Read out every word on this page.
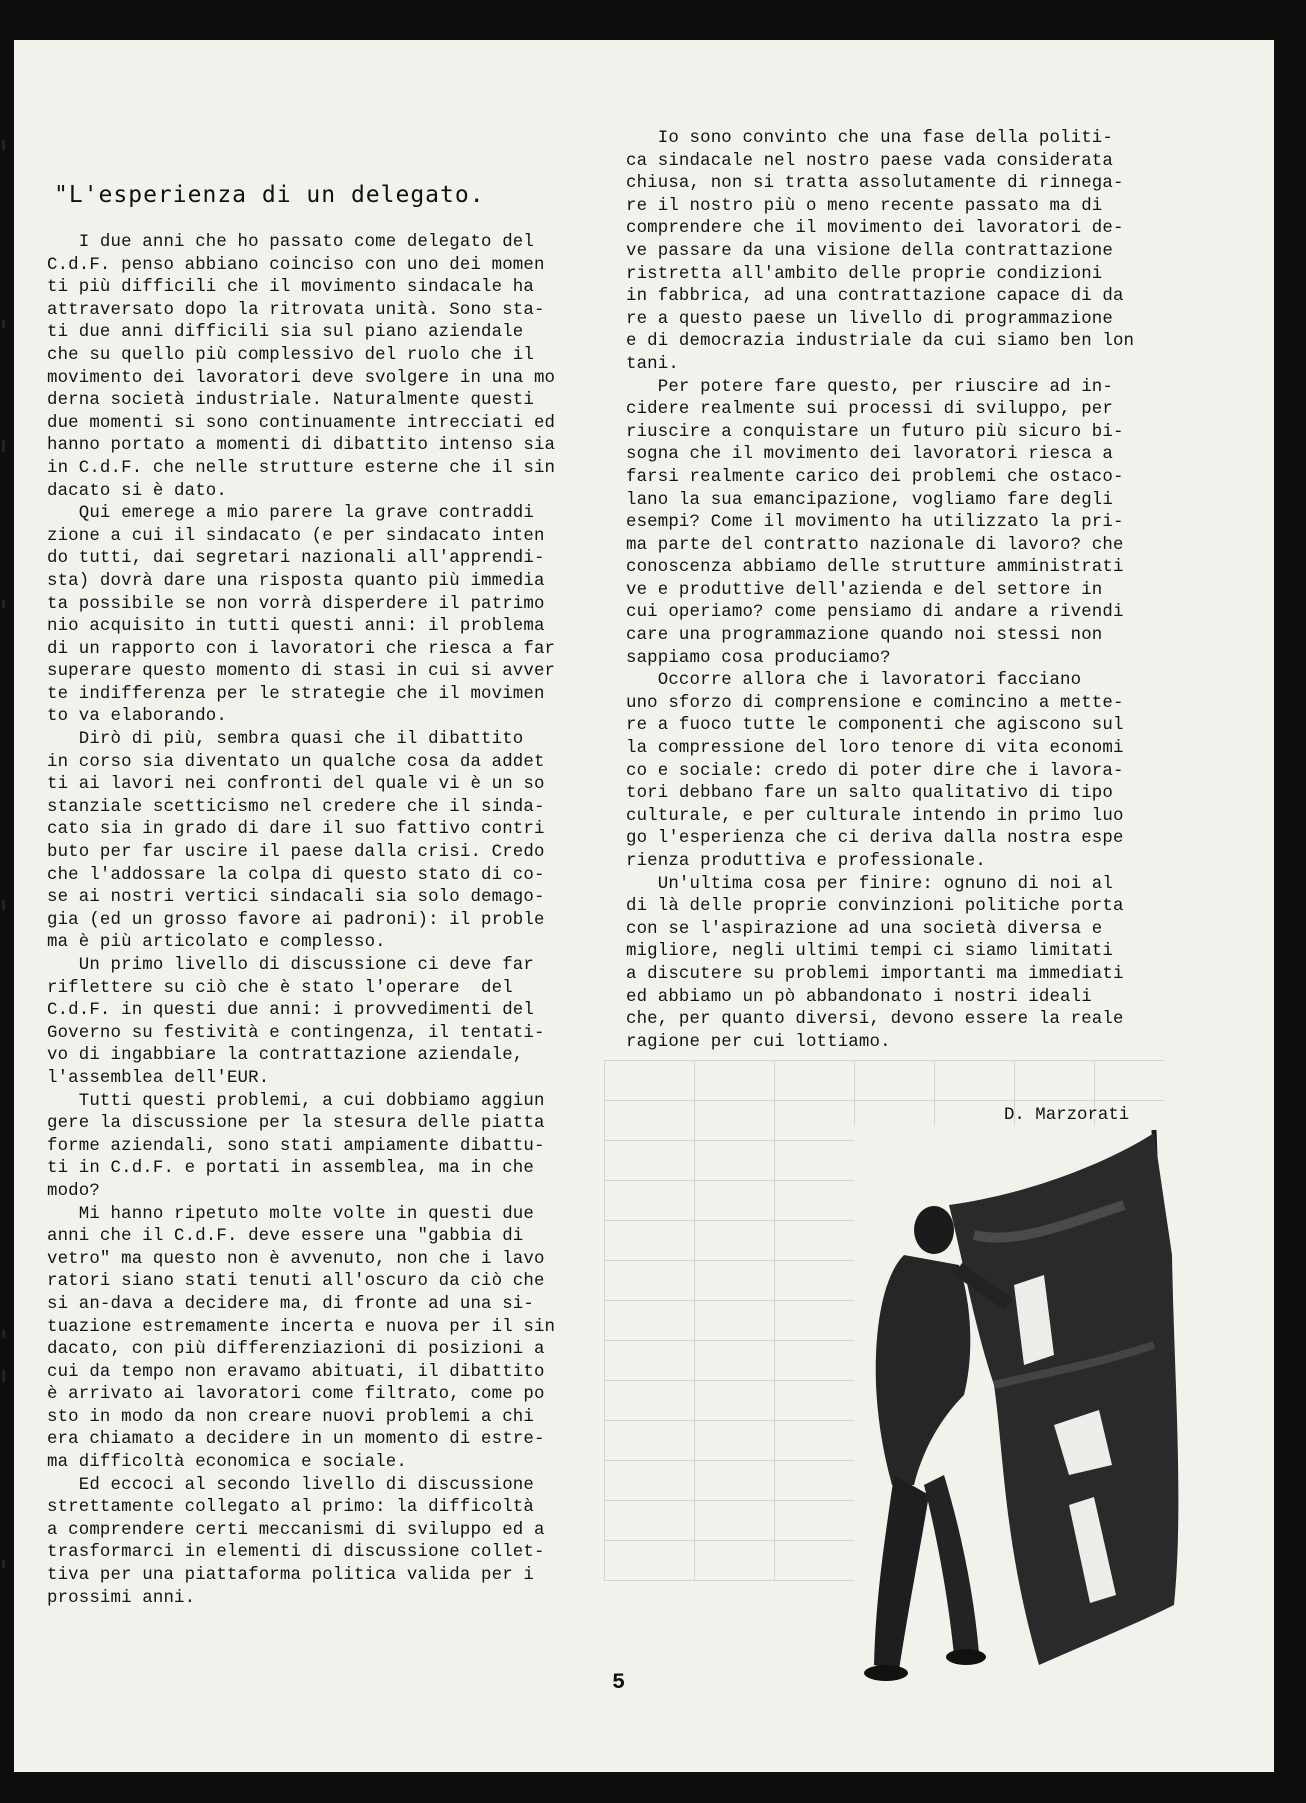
"L'esperienza di un delegato.

I due anni che ho passato come delegato del

C.d.F. penso abbiano coinciso con uno dei momen

ti più difficili che il movimento sindacale ha

attraversato dopo la ritrovata unità. Sono sta-

ti due anni difficili sia sul piano aziendale

che su quello più complessivo del ruolo che il

movimento dei lavoratori deve svolgere in una mo

derna società industriale. Naturalmente questi

due momenti si sono continuamente intrecciati ed

hanno portato a momenti di dibattito intenso sia

in C.d.F. che nelle strutture esterne che il sin

dacato si è dato.

Qui emerege a mio parere la grave contraddi

zione a cui il sindacato (e per sindacato inten

do tutti, dai segretari nazionali all'apprendi-

sta) dovrà dare una risposta quanto più immedia

ta possibile se non vorrà disperdere il patrimo

nio acquisito in tutti questi anni: il problema

di un rapporto con i lavoratori che riesca a far

superare questo momento di stasi in cui si avver

te indifferenza per le strategie che il movimen

to va elaborando.

Dirò di più, sembra quasi che il dibattito

in corso sia diventato un qualche cosa da addet

ti ai lavori nei confronti del quale vi è un so

stanziale scetticismo nel credere che il sinda-

cato sia in grado di dare il suo fattivo contri

buto per far uscire il paese dalla crisi. Credo

che l'addossare la colpa di questo stato di co-

se ai nostri vertici sindacali sia solo demago-

gia (ed un grosso favore ai padroni): il proble

ma è più articolato e complesso.

Un primo livello di discussione ci deve far

riflettere su ciò che è stato l'operare  del

C.d.F. in questi due anni: i provvedimenti del

Governo su festività e contingenza, il tentati-

vo di ingabbiare la contrattazione aziendale,

l'assemblea dell'EUR.

Tutti questi problemi, a cui dobbiamo aggiun

gere la discussione per la stesura delle piatta

forme aziendali, sono stati ampiamente dibattu-

ti in C.d.F. e portati in assemblea, ma in che

modo?

Mi hanno ripetuto molte volte in questi due

anni che il C.d.F. deve essere una "gabbia di

vetro" ma questo non è avvenuto, non che i lavo

ratori siano stati tenuti all'oscuro da ciò che

si an-dava a decidere ma, di fronte ad una si-

tuazione estremamente incerta e nuova per il sin

dacato, con più differenziazioni di posizioni a

cui da tempo non eravamo abituati, il dibattito

è arrivato ai lavoratori come filtrato, come po

sto in modo da non creare nuovi problemi a chi

era chiamato a decidere in un momento di estre-

ma difficoltà economica e sociale.

Ed eccoci al secondo livello di discussione

strettamente collegato al primo: la difficoltà

a comprendere certi meccanismi di sviluppo ed a

trasformarci in elementi di discussione collet-

tiva per una piattaforma politica valida per i

prossimi anni.

Io sono convinto che una fase della politi-

ca sindacale nel nostro paese vada considerata

chiusa, non si tratta assolutamente di rinnega-

re il nostro più o meno recente passato ma di

comprendere che il movimento dei lavoratori de-

ve passare da una visione della contrattazione

ristretta all'ambito delle proprie condizioni

in fabbrica, ad una contrattazione capace di da

re a questo paese un livello di programmazione

e di democrazia industriale da cui siamo ben lon

tani.

Per potere fare questo, per riuscire ad in-

cidere realmente sui processi di sviluppo, per

riuscire a conquistare un futuro più sicuro bi-

sogna che il movimento dei lavoratori riesca a

farsi realmente carico dei problemi che ostaco-

lano la sua emancipazione, vogliamo fare degli

esempi? Come il movimento ha utilizzato la pri-

ma parte del contratto nazionale di lavoro? che

conoscenza abbiamo delle strutture amministrati

ve e produttive dell'azienda e del settore in

cui operiamo? come pensiamo di andare a rivendi

care una programmazione quando noi stessi non

sappiamo cosa produciamo?

Occorre allora che i lavoratori facciano

uno sforzo di comprensione e comincino a mette-

re a fuoco tutte le componenti che agiscono sul

la compressione del loro tenore di vita economi

co e sociale: credo di poter dire che i lavora-

tori debbano fare un salto qualitativo di tipo

culturale, e per culturale intendo in primo luo

go l'esperienza che ci deriva dalla nostra espe

rienza produttiva e professionale.

Un'ultima cosa per finire: ognuno di noi al

di là delle proprie convinzioni politiche porta

con se l'aspirazione ad una società diversa e

migliore, negli ultimi tempi ci siamo limitati

a discutere su problemi importanti ma immediati

ed abbiamo un pò abbandonato i nostri ideali

che, per quanto diversi, devono essere la reale

ragione per cui lottiamo.

D. Marzorati
5
